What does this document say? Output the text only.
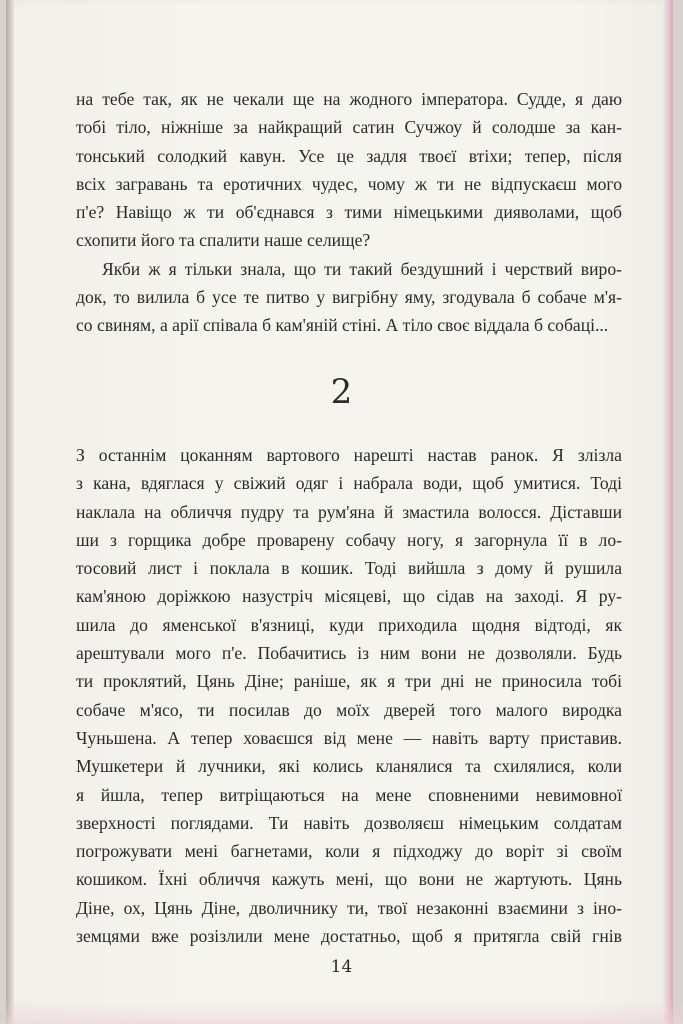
на тебе так, як не чекали ще на жодного імператора. Судде, я даю
тобі тіло, ніжніше за найкращий сатин Сучжоу й солодше за кан-
тонський солодкий кавун. Усе це задля твоєї втіхи; тепер, після
всіх загравань та еротичних чудес, чому ж ти не відпускаєш мого
п'е? Навіщо ж ти об'єднався з тими німецькими дияволами, щоб
схопити його та спалити наше селище?
Якби ж я тільки знала, що ти такий бездушний і черствий виро-
док, то вилила б усе те питво у вигрібну яму, згодувала б собаче м'я-
со свиням, а арії співала б кам'яній стіні. А тіло своє віддала б собаці...
2
З останнім цоканням вартового нарешті настав ранок. Я злізла
з кана, вдяглася у свіжий одяг і набрала води, щоб умитися. Тоді
наклала на обличчя пудру та рум'яна й змастила волосся. Діставши
ши з горщика добре проварену собачу ногу, я загорнула її в ло-
тосовий лист і поклала в кошик. Тоді вийшла з дому й рушила
кам'яною доріжкою назустріч місяцеві, що сідав на заході. Я ру-
шила до яменської в'язниці, куди приходила щодня відтоді, як
арештували мого п'е. Побачитись із ним вони не дозволяли. Будь
ти проклятий, Цянь Діне; раніше, як я три дні не приносила тобі
собаче м'ясо, ти посилав до моїх дверей того малого виродка
Чуньшена. А тепер ховаєшся від мене — навіть варту приставив.
Мушкетери й лучники, які колись кланялися та схилялися, коли
я йшла, тепер витріщаються на мене сповненими невимовної
зверхності поглядами. Ти навіть дозволяєш німецьким солдатам
погрожувати мені багнетами, коли я підходжу до воріт зі своїм
кошиком. Їхні обличчя кажуть мені, що вони не жартують. Цянь
Діне, ох, Цянь Діне, дволичнику ти, твої незаконні взаємини з іно-
земцями вже розізлили мене достатньо, щоб я притягла свій гнів
14
